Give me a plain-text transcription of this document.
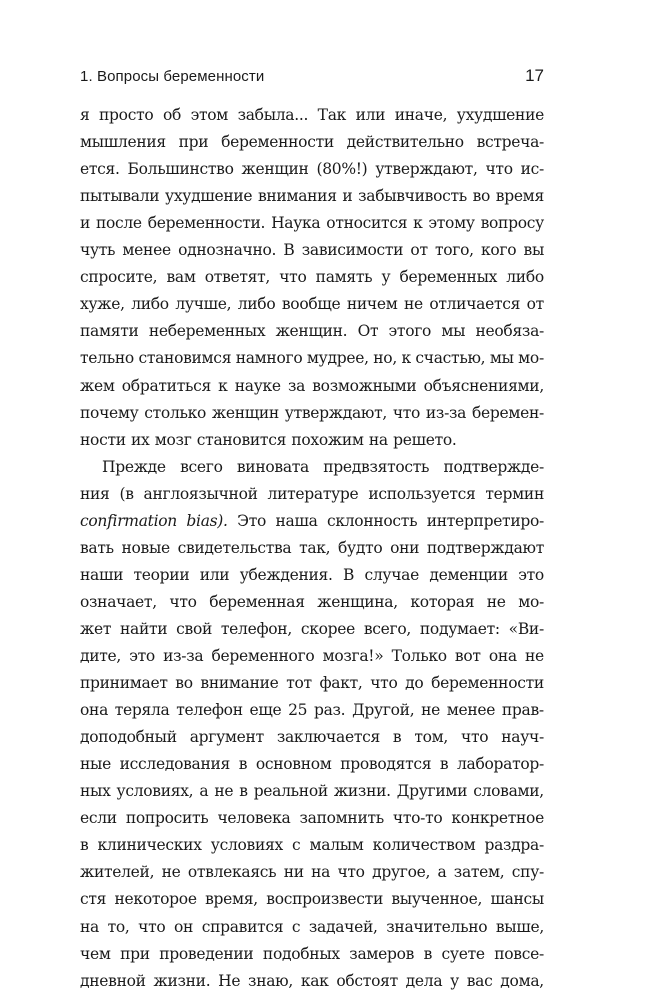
1. Вопросы беременности	17
я просто об этом забыла... Так или иначе, ухудшение
мышления при беременности действительно встреча-
ется. Большинство женщин (80%!) утверждают, что ис-
пытывали ухудшение внимания и забывчивость во время
и после беременности. Наука относится к этому вопросу
чуть менее однозначно. В зависимости от того, кого вы
спросите, вам ответят, что память у беременных либо
хуже, либо лучше, либо вообще ничем не отличается от
памяти небеременных женщин. От этого мы необяза-
тельно становимся намного мудрее, но, к счастью, мы мо-
жем обратиться к науке за возможными объяснениями,
почему столько женщин утверждают, что из-за беремен-
ности их мозг становится похожим на решето.
Прежде всего виновата предвзятость подтвержде-
ния (в англоязычной литературе используется термин
confirmation bias). Это наша склонность интерпретиро-
вать новые свидетельства так, будто они подтверждают
наши теории или убеждения. В случае деменции это
означает, что беременная женщина, которая не мо-
жет найти свой телефон, скорее всего, подумает: «Ви-
дите, это из-за беременного мозга!» Только вот она не
принимает во внимание тот факт, что до беременности
она теряла телефон еще 25 раз. Другой, не менее прав-
доподобный аргумент заключается в том, что науч-
ные исследования в основном проводятся в лаборатор-
ных условиях, а не в реальной жизни. Другими словами,
если попросить человека запомнить что-то конкретное
в клинических условиях с малым количеством раздра-
жителей, не отвлекаясь ни на что другое, а затем, спу-
стя некоторое время, воспроизвести выученное, шансы
на то, что он справится с задачей, значительно выше,
чем при проведении подобных замеров в суете повсе-
дневной жизни. Не знаю, как обстоят дела у вас дома,
